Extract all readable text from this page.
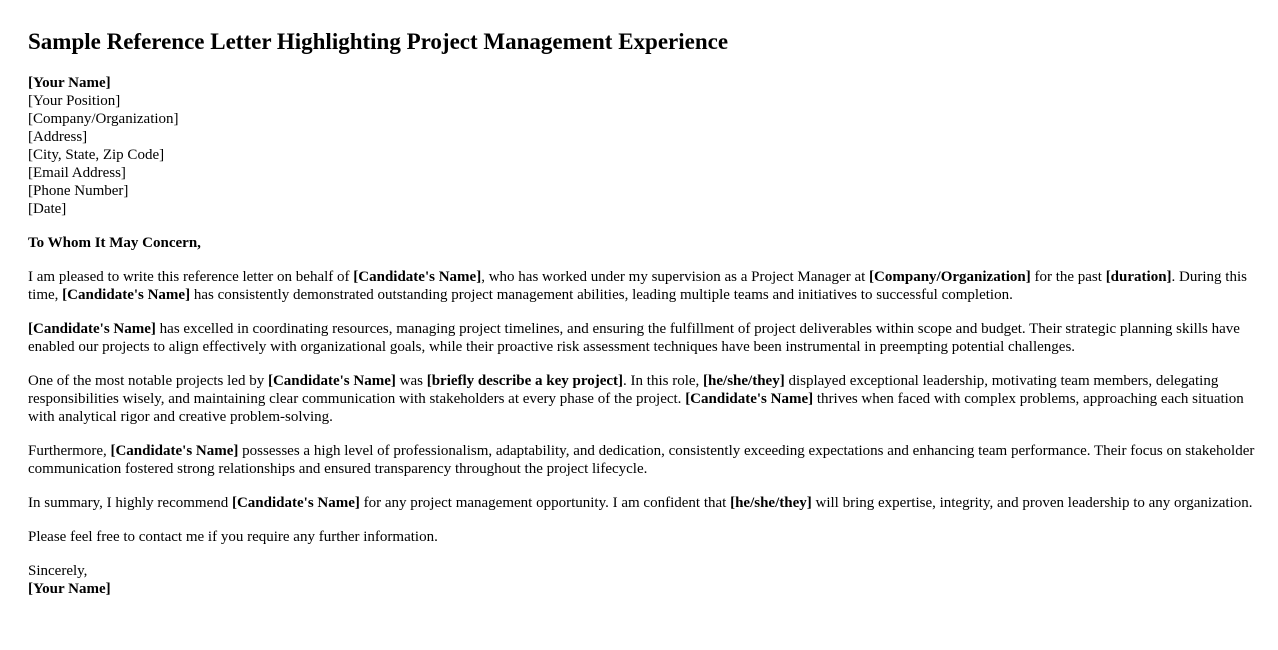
Sample Reference Letter Highlighting Project Management Experience
[Your Name]
[Your Position]
[Company/Organization]
[Address]
[City, State, Zip Code]
[Email Address]
[Phone Number]
[Date]

To Whom It May Concern,

I am pleased to write this reference letter on behalf of [Candidate's Name], who has worked under my supervision as a Project Manager at [Company/Organization] for the past [duration]. During this time, [Candidate's Name] has consistently demonstrated outstanding project management abilities, leading multiple teams and initiatives to successful completion.

[Candidate's Name] has excelled in coordinating resources, managing project timelines, and ensuring the fulfillment of project deliverables within scope and budget. Their strategic planning skills have enabled our projects to align effectively with organizational goals, while their proactive risk assessment techniques have been instrumental in preempting potential challenges.

One of the most notable projects led by [Candidate's Name] was [briefly describe a key project]. In this role, [he/she/they] displayed exceptional leadership, motivating team members, delegating responsibilities wisely, and maintaining clear communication with stakeholders at every phase of the project. [Candidate's Name] thrives when faced with complex problems, approaching each situation with analytical rigor and creative problem-solving.

Furthermore, [Candidate's Name] possesses a high level of professionalism, adaptability, and dedication, consistently exceeding expectations and enhancing team performance. Their focus on stakeholder communication fostered strong relationships and ensured transparency throughout the project lifecycle.

In summary, I highly recommend [Candidate's Name] for any project management opportunity. I am confident that [he/she/they] will bring expertise, integrity, and proven leadership to any organization.

Please feel free to contact me if you require any further information.

Sincerely,
[Your Name]
